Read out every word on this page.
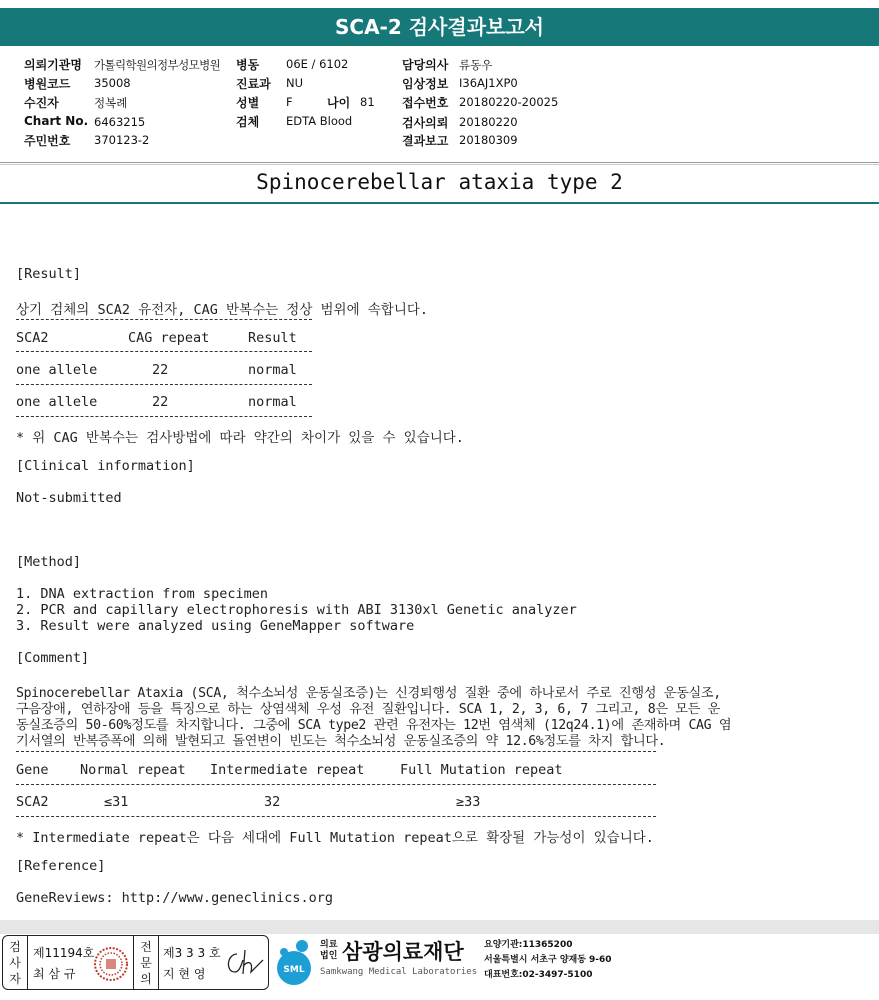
SCA-2 검사결과보고서
의뢰기관명 가톨릭학원의정부성모병원 병동 06E / 6102	담당의사 류동우
병원코드 35008	진료과 NU	임상정보 I36AJ1XP0
수진자	정복례	성별 F	나이 81 접수번호 20180220-20025
Chart No. 6463215	검체 EDTA Blood	검사의뢰 20180220
주민번호 370123-2	결과보고 20180309
Spinocerebellar ataxia type 2
[Result]
상기 검체의 SCA2 유전자, CAG 반복수는 정상 범위에 속합니다.
SCA2	CAG repeat	Result
one allele	22	normal
one allele	22	normal
* 위 CAG 반복수는 검사방법에 따라 약간의 차이가 있을 수 있습니다.
[Clinical information]
Not-submitted
[Method]
1. DNA extraction from specimen
2. PCR and capillary electrophoresis with ABI 3130xl Genetic analyzer
3. Result were analyzed using GeneMapper software
[Comment]
Spinocerebellar Ataxia (SCA, 척수소뇌성 운동실조증)는 신경퇴행성 질환 중에 하나로서 주로 진행성 운동실조,
구음장애, 연하장애 등을 특징으로 하는 상염색체 우성 유전 질환입니다. SCA 1, 2, 3, 6, 7 그리고, 8은 모든 운
동실조증의 50-60%정도를 차지합니다. 그중에 SCA type2 관련 유전자는 12번 염색체 (12q24.1)에 존재하며 CAG 염
기서열의 반복증폭에 의해 발현되고 돌연변이 빈도는 척수소뇌성 운동실조증의 약 12.6%정도를 차지 합니다.
Gene Normal repeat Intermediate repeat	Full Mutation repeat
SCA2	≤31	32	≥33
* Intermediate repeat은 다음 세대에 Full Mutation repeat으로 확장될 가능성이 있습니다.
[Reference]
GeneReviews: http://www.geneclinics.org
검
사
자
제11194호
최 삼 규
전
문
의
제3 3 3 호
지 현 영	SML
의료
법인 삼광의료재단
Samkwang Medical Laboratories
요양기관:11365200
서울특별시 서초구 양재동 9-60
대표번호:02-3497-5100
